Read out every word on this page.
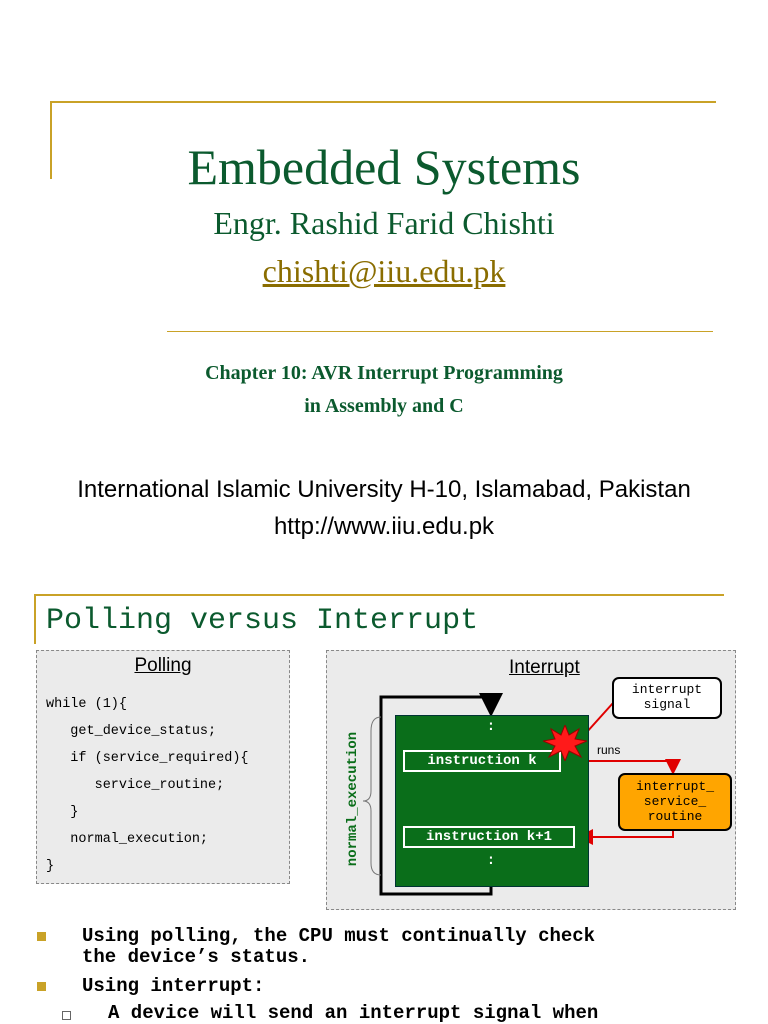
Embedded Systems
Engr. Rashid Farid Chishti
chishti@iiu.edu.pk
Chapter 10: AVR Interrupt Programming
in Assembly and C
International Islamic University H-10, Islamabad, Pakistan
http://www.iiu.edu.pk
Polling versus Interrupt
Polling
while (1){
get_device_status;
if (service_required){
service_routine;
}
normal_execution;
}
Interrupt
:
instruction k
instruction k+1
:
interrupt
signal
runs
interrupt_
service_
routine
normal_execution
Using polling, the CPU must continually check
the device’s status.
Using interrupt:
A device will send an interrupt signal when
